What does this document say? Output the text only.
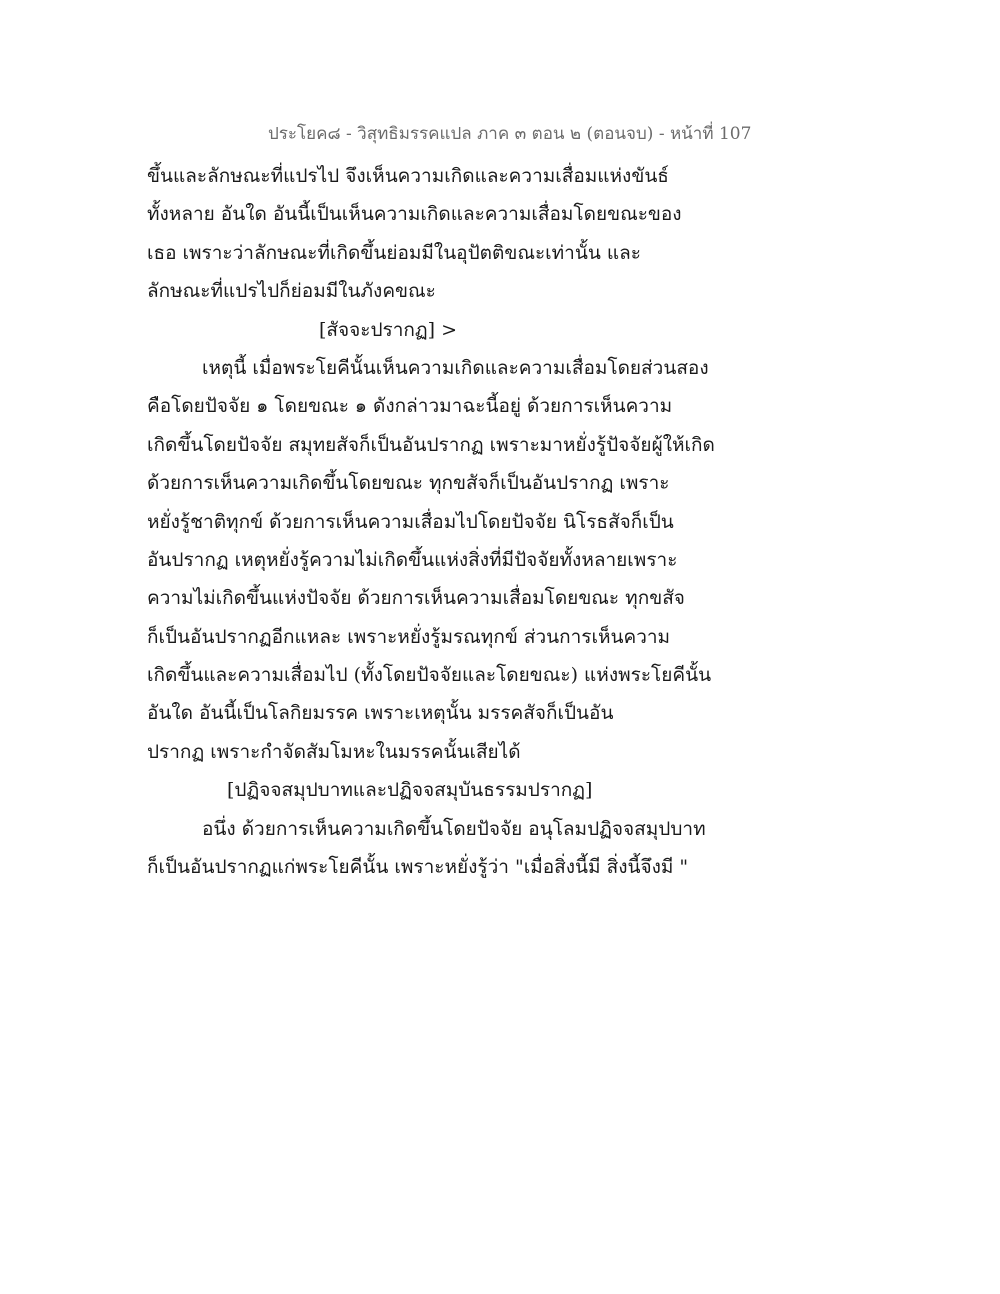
ประโยค๘ - วิสุทธิมรรคแปล ภาค ๓ ตอน ๒ (ตอนจบ) - หน้าที่ 107
ขึ้นและลักษณะที่แปรไป จึงเห็นความเกิดและความเสื่อมแห่งขันธ์
ทั้งหลาย อันใด อันนี้เป็นเห็นความเกิดและความเสื่อมโดยขณะของ
เธอ เพราะว่าลักษณะที่เกิดขึ้นย่อมมีในอุปัตติขณะเท่านั้น และ
ลักษณะที่แปรไปก็ย่อมมีในภังคขณะ
[สัจจะปรากฏ] >
เหตุนี้ เมื่อพระโยคีนั้นเห็นความเกิดและความเสื่อมโดยส่วนสอง
คือโดยปัจจัย ๑ โดยขณะ ๑ ดังกล่าวมาฉะนี้อยู่ ด้วยการเห็นความ
เกิดขึ้นโดยปัจจัย สมุทยสัจก็เป็นอันปรากฏ เพราะมาหยั่งรู้ปัจจัยผู้ให้เกิด
ด้วยการเห็นความเกิดขึ้นโดยขณะ ทุกขสัจก็เป็นอันปรากฏ เพราะ
หยั่งรู้ชาติทุกข์ ด้วยการเห็นความเสื่อมไปโดยปัจจัย นิโรธสัจก็เป็น
อันปรากฏ เหตุหยั่งรู้ความไม่เกิดขึ้นแห่งสิ่งที่มีปัจจัยทั้งหลายเพราะ
ความไม่เกิดขึ้นแห่งปัจจัย ด้วยการเห็นความเสื่อมโดยขณะ ทุกขสัจ
ก็เป็นอันปรากฏอีกแหละ เพราะหยั่งรู้มรณทุกข์ ส่วนการเห็นความ
เกิดขึ้นและความเสื่อมไป (ทั้งโดยปัจจัยและโดยขณะ) แห่งพระโยคีนั้น
อันใด อันนี้เป็นโลกิยมรรค เพราะเหตุนั้น มรรคสัจก็เป็นอัน
ปรากฏ เพราะกำจัดสัมโมหะในมรรคนั้นเสียได้
[ปฏิจจสมุปบาทและปฏิจจสมุบันธรรมปรากฏ]
อนึ่ง ด้วยการเห็นความเกิดขึ้นโดยปัจจัย อนุโลมปฏิจจสมุปบาท
ก็เป็นอันปรากฏแก่พระโยคีนั้น เพราะหยั่งรู้ว่า "เมื่อสิ่งนี้มี สิ่งนี้จึงมี "
